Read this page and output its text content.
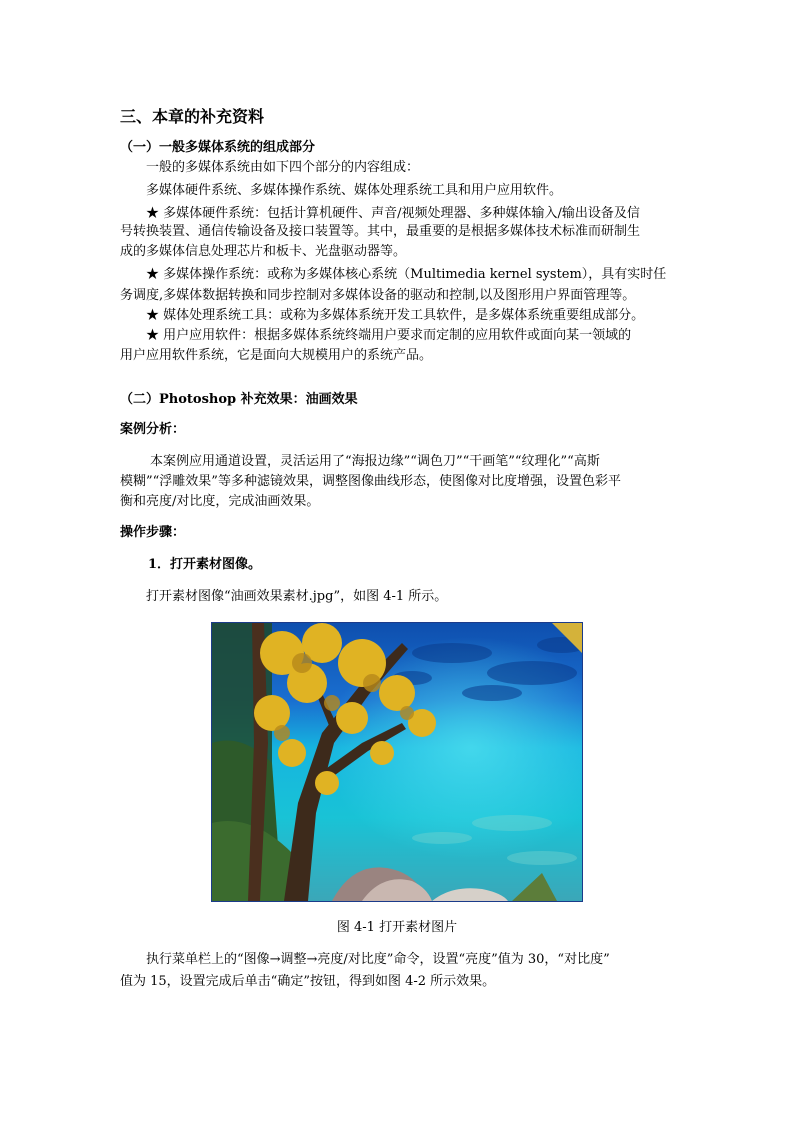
三、本章的补充资料
（一）一般多媒体系统的组成部分
一般的多媒体系统由如下四个部分的内容组成：
多媒体硬件系统、多媒体操作系统、媒体处理系统工具和用户应用软件。
★ 多媒体硬件系统：包括计算机硬件、声音/视频处理器、多种媒体输入/输出设备及信
号转换装置、通信传输设备及接口装置等。其中，最重要的是根据多媒体技术标准而研制生
成的多媒体信息处理芯片和板卡、光盘驱动器等。
★ 多媒体操作系统：或称为多媒体核心系统（Multimedia kernel system），具有实时任
务调度,多媒体数据转换和同步控制对多媒体设备的驱动和控制,以及图形用户界面管理等。
★ 媒体处理系统工具：或称为多媒体系统开发工具软件，是多媒体系统重要组成部分。
★ 用户应用软件：根据多媒体系统终端用户要求而定制的应用软件或面向某一领域的
用户应用软件系统，它是面向大规模用户的系统产品。
（二）Photoshop 补充效果：油画效果
案例分析：
本案例应用通道设置，灵活运用了“海报边缘”“调色刀”“干画笔”“纹理化”“高斯
模糊”“浮雕效果”等多种滤镜效果，调整图像曲线形态，使图像对比度增强，设置色彩平
衡和亮度/对比度，完成油画效果。
操作步骤：
1．打开素材图像。
打开素材图像“油画效果素材.jpg”，如图 4-1 所示。
图 4-1 打开素材图片
执行菜单栏上的“图像→调整→亮度/对比度”命令，设置“亮度”值为 30，“对比度”
值为 15，设置完成后单击“确定”按钮，得到如图 4-2 所示效果。
